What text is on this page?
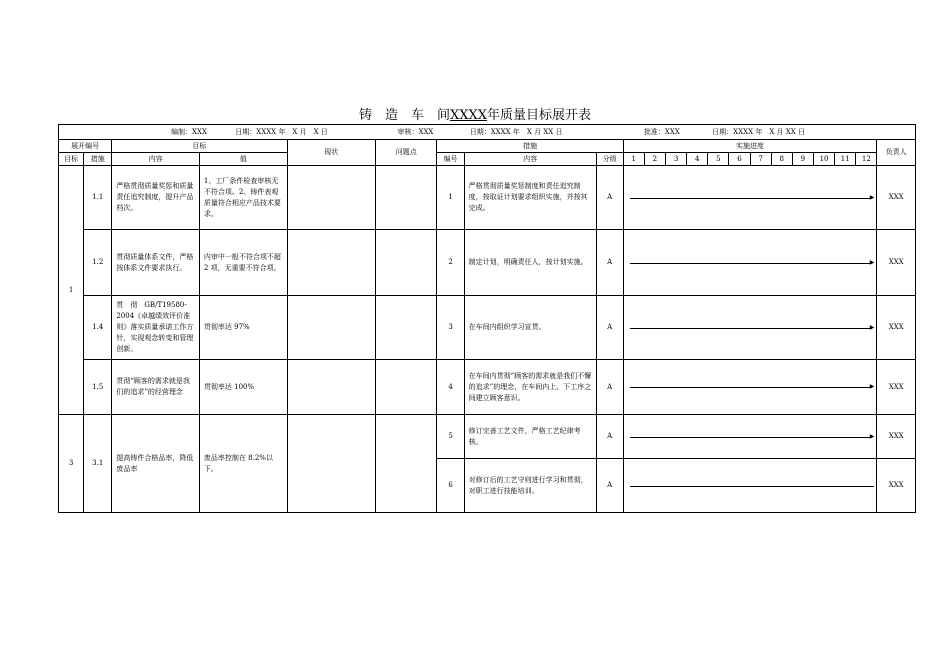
铸　造　车　间XXXX年质量目标展开表
编制：XXX 日期：XXXX 年　X 月　X 日 审核：XXX 日期：XXXX 年　X 月 XX 日 批准：XXX 日期：XXXX 年　X 月 XX 日																					
展开编号		目标		现状	问题点	措施			实施进度												负责人
目标	措施	内容	值			编号	内容	分级	1	2	3	4	5	6	7	8	9	10	11	12	
1	1.1	严格贯彻质量奖惩和质量责任追究制度，提升产品档次。	1、工厂条件检查审核无不符合项。2、铸件表观质量符合相应产品技术要求。			1	严格贯彻质量奖惩制度和责任追究制度，按取证计划要求组织实施，并按其完成。	A	▶												XXX
	1.2	贯彻质量体系文件，严格按体系文件要求执行。	内审中一般不符合项不超 2 项，无重要不符合项。			2	制定计划，明确责任人，按计划实施。	A	▶												XXX
	1.4	贯　彻　GB/T19580-2004《卓越绩效评价准则》落实质量承诺工作方针，实现观念转变和管理创新。	贯彻率达 97%			3	在车间内组织学习宣贯。	A	▶												XXX
	1.5	贯彻“顾客的需求就是我们的追求”的经营理念	贯彻率达 100%			4	在车间内贯彻“顾客的需求就是我们不懈的追求”的理念，在车间内上、下工序之间建立顾客意识。	A	▶												XXX
3	3.1	提高铸件合格品率，降低废品率	废品率控制在 8.2%以下。			5	修订完善工艺文件，严格工艺纪律考核。	A	▶												XXX
						6	对修订后的工艺守则进行学习和贯彻，对职工进行技能培训。	A													XXX
